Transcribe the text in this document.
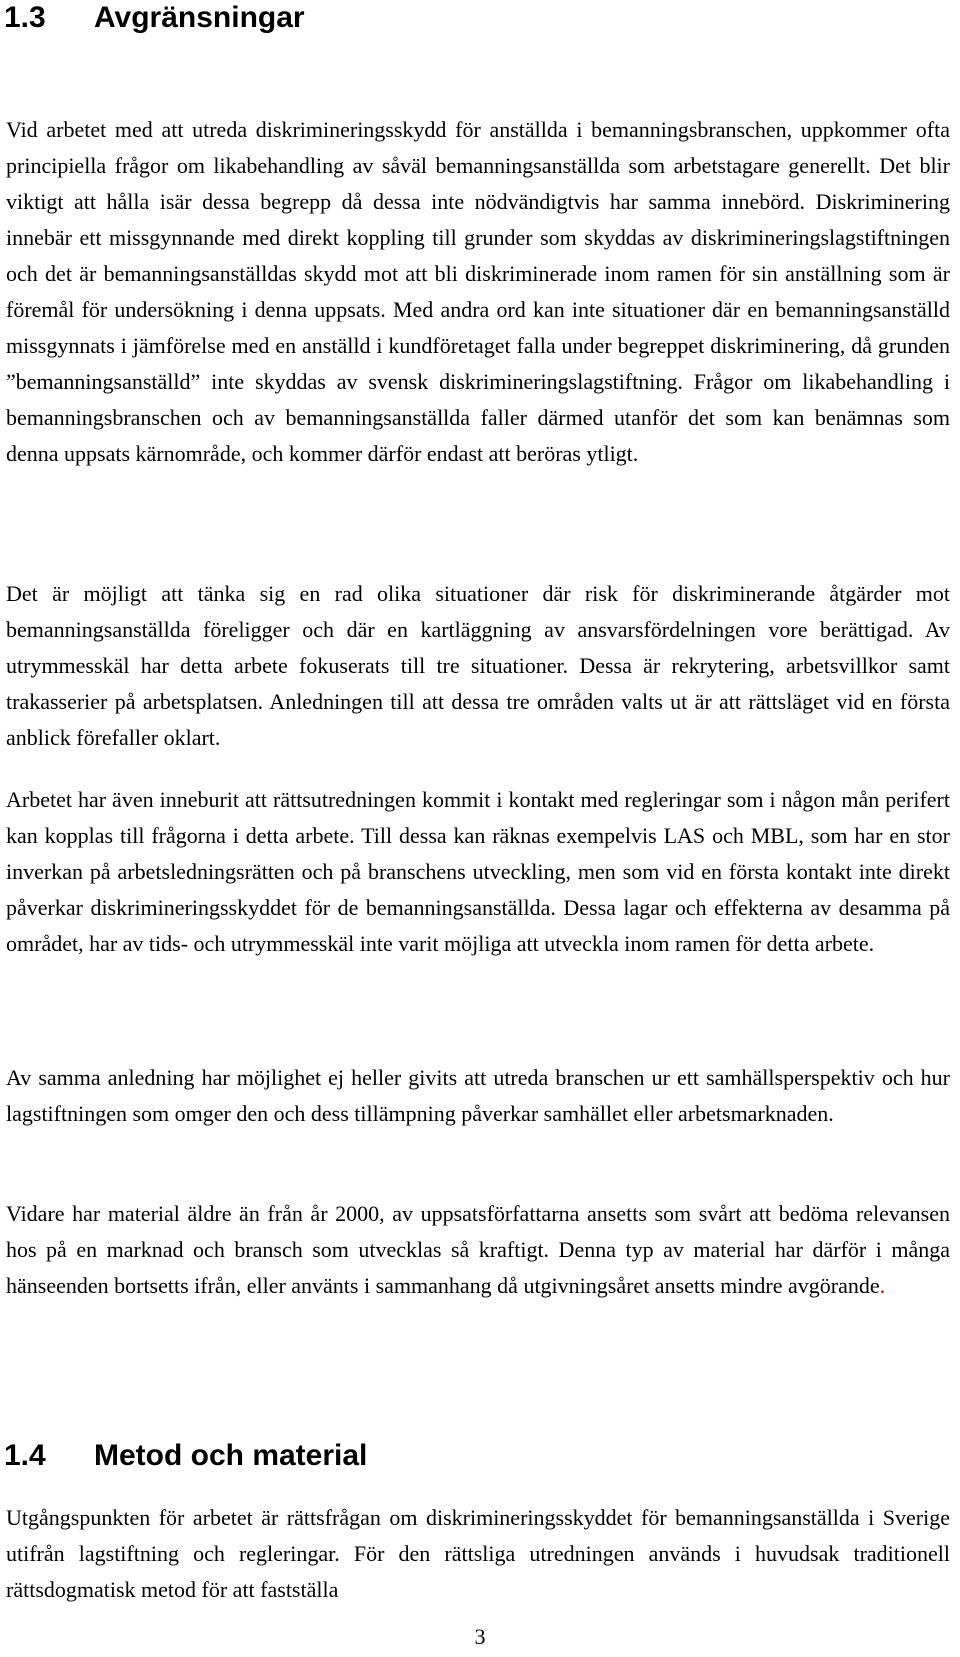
1.3	Avgränsningar

Vid arbetet med att utreda diskrimineringsskydd för anställda i bemanningsbranschen, uppkommer ofta principiella frågor om likabehandling av såväl bemanningsanställda som arbetstagare generellt. Det blir viktigt att hålla isär dessa begrepp då dessa inte nödvändigtvis har samma innebörd. Diskriminering innebär ett missgynnande med direkt koppling till grunder som skyddas av diskrimineringslagstiftningen och det är bemanningsanställdas skydd mot att bli diskriminerade inom ramen för sin anställning som är föremål för undersökning i denna uppsats. Med andra ord kan inte situationer där en bemanningsanställd missgynnats i jämförelse med en anställd i kundföretaget falla under begreppet diskriminering, då grunden ”bemanningsanställd” inte skyddas av svensk diskrimineringslagstiftning. Frågor om likabehandling i bemanningsbranschen och av bemanningsanställda faller därmed utanför det som kan benämnas som denna uppsats kärnområde, och kommer därför endast att beröras ytligt.

Det är möjligt att tänka sig en rad olika situationer där risk för diskriminerande åtgärder mot bemanningsanställda föreligger och där en kartläggning av ansvarsfördelningen vore berättigad. Av utrymmesskäl har detta arbete fokuserats till tre situationer. Dessa är rekrytering, arbetsvillkor samt trakasserier på arbetsplatsen. Anledningen till att dessa tre områden valts ut är att rättsläget vid en första anblick förefaller oklart.

Arbetet har även inneburit att rättsutredningen kommit i kontakt med regleringar som i någon mån perifert kan kopplas till frågorna i detta arbete. Till dessa kan räknas exempelvis LAS och MBL, som har en stor inverkan på arbetsledningsrätten och på branschens utveckling, men som vid en första kontakt inte direkt påverkar diskrimineringsskyddet för de bemanningsanställda. Dessa lagar och effekterna av desamma på området, har av tids- och utrymmesskäl inte varit möjliga att utveckla inom ramen för detta arbete.

Av samma anledning har möjlighet ej heller givits att utreda branschen ur ett samhällsperspektiv och hur lagstiftningen som omger den och dess tillämpning påverkar samhället eller arbetsmarknaden.

Vidare har material äldre än från år 2000, av uppsatsförfattarna ansetts som svårt att bedöma relevansen hos på en marknad och bransch som utvecklas så kraftigt. Denna typ av material har därför i många hänseenden bortsetts ifrån, eller använts i sammanhang då utgivningsåret ansetts mindre avgörande.

1.4	Metod och material

Utgångspunkten för arbetet är rättsfrågan om diskrimineringsskyddet för bemanningsanställda i Sverige utifrån lagstiftning och regleringar. För den rättsliga utredningen används i huvudsak traditionell rättsdogmatisk metod för att fastställa

3
